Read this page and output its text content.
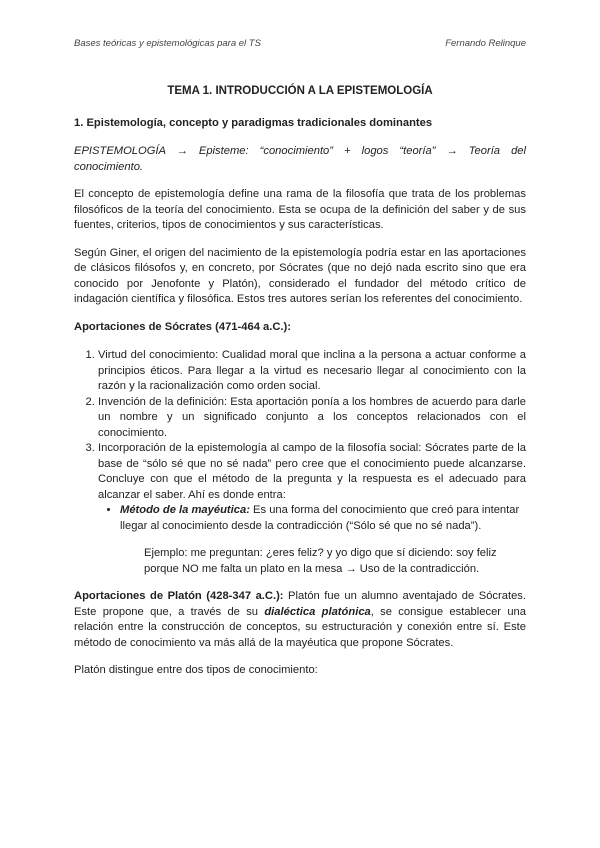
Bases teóricas y epistemológicas para el TS	Fernando Relinque
TEMA 1. INTRODUCCIÓN A LA EPISTEMOLOGÍA
1. Epistemología, concepto y paradigmas tradicionales dominantes

EPISTEMOLOGÍA → Episteme: “conocimiento” + logos “teoría” → Teoría del conocimiento.

El concepto de epistemología define una rama de la filosofía que trata de los problemas filosóficos de la teoría del conocimiento. Esta se ocupa de la definición del saber y de sus fuentes, criterios, tipos de conocimientos y sus características.

Según Giner, el origen del nacimiento de la epistemología podría estar en las aportaciones de clásicos filósofos y, en concreto, por Sócrates (que no dejó nada escrito sino que era conocido por Jenofonte y Platón), considerado el fundador del método crítico de indagación científica y filosófica. Estos tres autores serían los referentes del conocimiento.

Aportaciones de Sócrates (471-464 a.C.):
1. Virtud del conocimiento: Cualidad moral que inclina a la persona a actuar conforme a principios éticos. Para llegar a la virtud es necesario llegar al conocimiento con la razón y la racionalización como orden social.
2. Invención de la definición: Esta aportación ponía a los hombres de acuerdo para darle un nombre y un significado conjunto a los conceptos relacionados con el conocimiento.
3. Incorporación de la epistemología al campo de la filosofía social: Sócrates parte de la base de “sólo sé que no sé nada” pero cree que el conocimiento puede alcanzarse. Concluye con que el método de la pregunta y la respuesta es el adecuado para alcanzar el saber. Ahí es donde entra:
• Método de la mayéutica: Es una forma del conocimiento que creó para intentar llegar al conocimiento desde la contradicción (“Sólo sé que no sé nada”).
Ejemplo: me preguntan: ¿eres feliz? y yo digo que sí diciendo: soy feliz porque NO me falta un plato en la mesa → Uso de la contradicción.

Aportaciones de Platón (428-347 a.C.): Platón fue un alumno aventajado de Sócrates. Este propone que, a través de su dialéctica platónica, se consigue establecer una relación entre la construcción de conceptos, su estructuración y conexión entre sí. Este método de conocimiento va más allá de la mayéutica que propone Sócrates.

Platón distingue entre dos tipos de conocimiento:
